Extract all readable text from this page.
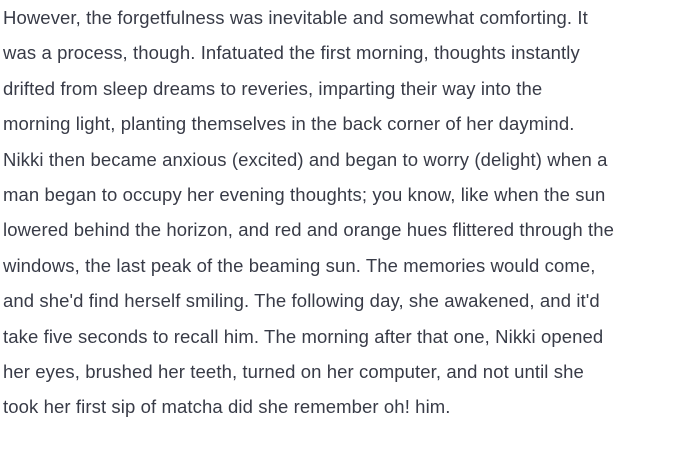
However, the forgetfulness was inevitable and somewhat comforting. It
was a process, though. Infatuated the first morning, thoughts instantly
drifted from sleep dreams to reveries, imparting their way into the
morning light, planting themselves in the back corner of her daymind.
Nikki then became anxious (excited) and began to worry (delight) when a
man began to occupy her evening thoughts; you know, like when the sun
lowered behind the horizon, and red and orange hues flittered through the
windows, the last peak of the beaming sun. The memories would come,
and she'd find herself smiling. The following day, she awakened, and it'd
take five seconds to recall him. The morning after that one, Nikki opened
her eyes, brushed her teeth, turned on her computer, and not until she
took her first sip of matcha did she remember oh! him.
